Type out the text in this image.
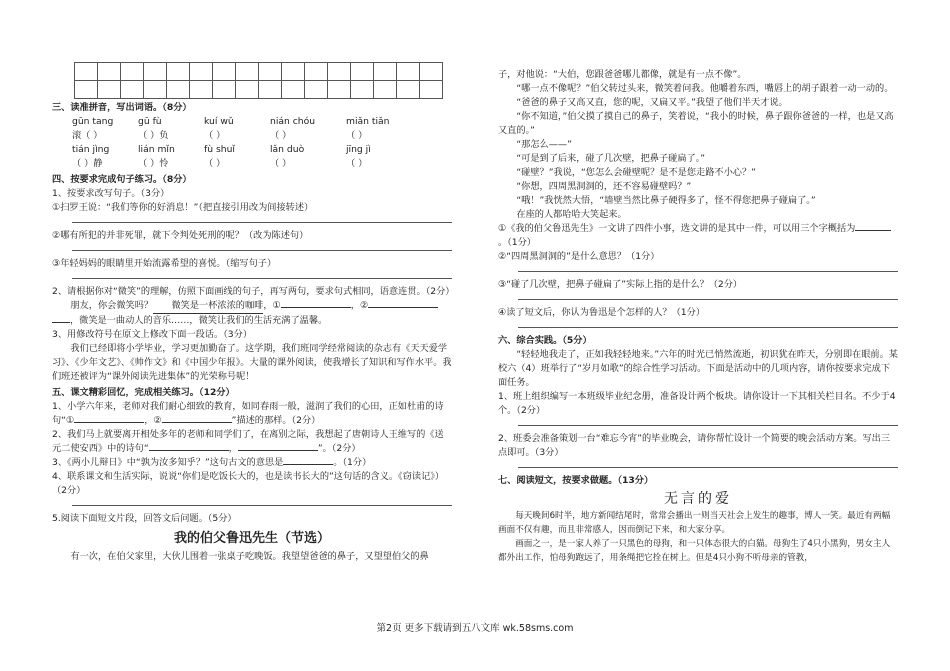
三、读准拼音，写出词语。（8分）

gūn tang	gū fù	kuí wǔ	nián chóu	miǎn tiǎn
滚（ ）	（ ）负	（ ）	（ ）	（ ）
tián jìng	lián mǐn	fù shuǐ	lǎn duò	jīng jì
（ ）静	（ ）怜	（ ）	（ ）	（ ）

四、按要求完成句子练习。（8分）

1、按要求改写句子。（3分）

①扫罗王说：“我们等你的好消息！”（把直接引用改为间接转述）

②哪有所犯的并非死罪，就下令判处死刑的呢？（改为陈述句）

③年轻妈妈的眼睛里开始流露希望的喜悦。（缩写句子）

2、请根据你对“微笑”的理解，仿照下面画线的句子，再写两句，要求句式相同，语意连贯。（2分）

朋友，你会微笑吗？ 微笑是一杯浓浓的咖啡，①	，②

，微笑是一曲动人的音乐……，微笑让我们的生活充满了温馨。

3、用修改符号在原文上修改下面一段话。（3分）

我们已经即将小学毕业，学习更加勤奋了。这学期，我们班同学经常阅读的杂志有《天天爱学习》、《少年文艺》、《帅作文》和《中国少年报》。大量的课外阅读，使我增长了知识和写作水平。我们班还被评为“课外阅读先进集体”的光荣称号呢！

五、课文精彩回忆，完成相关练习。（12分）

1、小学六年来，老师对我们耐心细致的教育，如同春雨一般，滋润了我们的心田，正如杜甫的诗句“①	，②	”描述的那样。（2分）

2、我们马上就要离开相处多年的老师和同学们了，在离别之际，我想起了唐朝诗人王维写的《送元二使安西》中的诗句“	，	”。（2分）

3、《两小儿辩日》中“孰为汝多知乎？”这句古文的意思是	。（1分）

4、联系课文和生活实际，说说“你们是吃饭长大的，也是读书长大的”这句话的含义。《窃读记》）（2分）

5.阅读下面短文片段，回答文后问题。（5分）

我的伯父鲁迅先生（节选）

有一次，在伯父家里，大伙儿围着一张桌子吃晚饭。我望望爸爸的鼻子，又望望伯父的鼻

子，对他说：“大伯，您跟爸爸哪儿都像，就是有一点不像”。

“哪一点不像呢？”伯父转过头来，微笑着问我。他嚼着东西，嘴唇上的胡子跟着一动一动的。

“爸爸的鼻子又高又直，您的呢，又扁又平。”我望了他们半天才说。

“你不知道，”伯父摸了摸自己的鼻子，笑着说，“我小的时候，鼻子跟你爸爸的一样，也是又高又直的。”

“那怎么——”

“可是到了后来，碰了几次壁，把鼻子碰扁了。”

“碰壁？”我说，“您怎么会碰壁呢？是不是您走路不小心？”

“你想，四周黑洞洞的，还不容易碰壁吗？”

“哦！”我恍然大悟，“墙壁当然比鼻子硬得多了，怪不得您把鼻子碰扁了。”

在座的人都哈哈大笑起来。

①《我的伯父鲁迅先生》一文讲了四件小事，选文讲的是其中一件，可以用三个字概括为。（1分）

②“四周黑洞洞的”是什么意思？（1分）

③“碰了几次壁，把鼻子碰扁了”实际上指的是什么？（2分）

④读了短文后，你认为鲁迅是个怎样的人？（1分）

六、综合实践。（5分）

“轻轻地我走了，正如我轻轻地来。”六年的时光已悄然流逝，初识犹在昨天，分别即在眼前。某校六（4）班举行了“岁月如歌”的综合性学习活动。下面是活动中的几项内容，请你按要求完成下面任务。

1、班上组织编写一本班级毕业纪念册，准备设计两个板块。请你设计一下其相关栏目名。不少于4个。（2分）

2、班委会准备策划一台“难忘今宵”的毕业晚会，请你帮忙设计一个简要的晚会活动方案。写出三点即可。（3分）

七、阅读短文，按要求做题。（13分）

无言的爱

每天晚间6时半，地方新闻结尾时，常常会播出一则当天社会上发生的趣事，博人一笑。最近有两幅画面不仅有趣，而且非常感人，因而倒记下来，和大家分享。

画面之一，是一家人养了一只黑色的母狗，和一只体态很大的白猫。母狗生了4只小黑狗，男女主人都外出工作，怕母狗跑远了，用条绳把它拴在树上。但是4只小狗不听母亲的管教，

第2页 更多下载请到五八文库 wk.58sms.com
